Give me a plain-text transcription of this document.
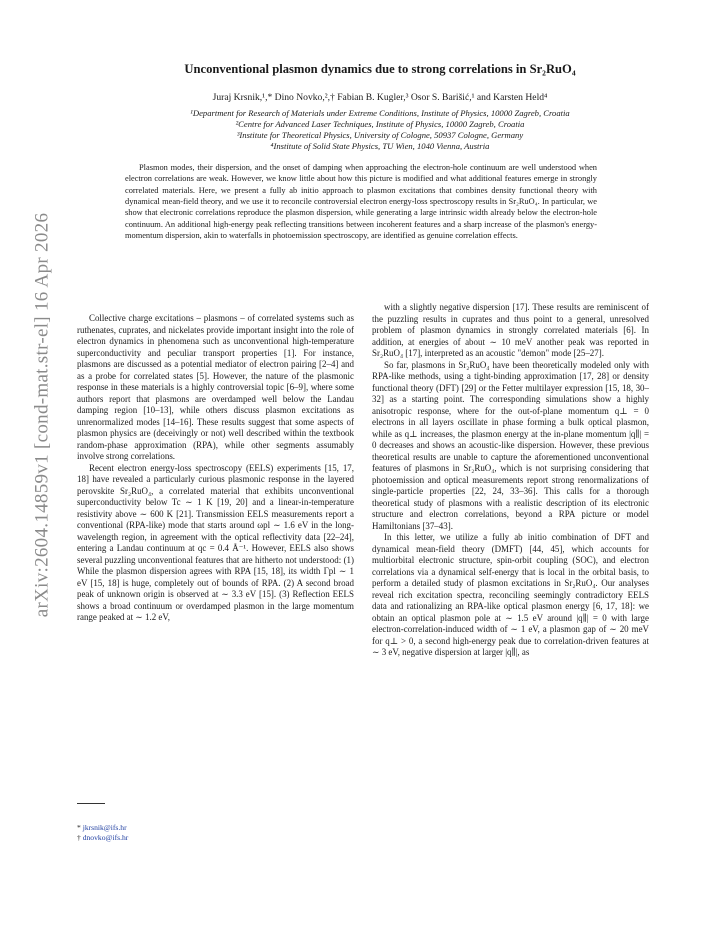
arXiv:2604.14859v1 [cond-mat.str-el] 16 Apr 2026
Unconventional plasmon dynamics due to strong correlations in Sr₂RuO₄
Juraj Krsnik,¹,* Dino Novko,²,† Fabian B. Kugler,³ Osor S. Barišić,¹ and Karsten Held⁴
¹Department for Research of Materials under Extreme Conditions, Institute of Physics, 10000 Zagreb, Croatia
²Centre for Advanced Laser Techniques, Institute of Physics, 10000 Zagreb, Croatia
³Institute for Theoretical Physics, University of Cologne, 50937 Cologne, Germany
⁴Institute of Solid State Physics, TU Wien, 1040 Vienna, Austria
Plasmon modes, their dispersion, and the onset of damping when approaching the electron-hole continuum are well understood when electron correlations are weak. However, we know little about how this picture is modified and what additional features emerge in strongly correlated materials. Here, we present a fully ab initio approach to plasmon excitations that combines density functional theory with dynamical mean-field theory, and we use it to reconcile controversial electron energy-loss spectroscopy results in Sr₂RuO₄. In particular, we show that electronic correlations reproduce the plasmon dispersion, while generating a large intrinsic width already below the electron-hole continuum. An additional high-energy peak reflecting transitions between incoherent features and a sharp increase of the plasmon's energy-momentum dispersion, akin to waterfalls in photoemission spectroscopy, are identified as genuine correlation effects.

Collective charge excitations – plasmons – of correlated systems such as ruthenates, cuprates, and nickelates provide important insight into the role of electron dynamics in phenomena such as unconventional high-temperature superconductivity and peculiar transport properties [1]. For instance, plasmons are discussed as a potential mediator of electron pairing [2–4] and as a probe for correlated states [5]. However, the nature of the plasmonic response in these materials is a highly controversial topic [6–9], where some authors report that plasmons are overdamped well below the Landau damping region [10–13], while others discuss plasmon excitations as unrenormalized modes [14–16]. These results suggest that some aspects of plasmon physics are (deceivingly or not) well described within the textbook random-phase approximation (RPA), while other segments assumably involve strong correlations.

Recent electron energy-loss spectroscopy (EELS) experiments [15, 17, 18] have revealed a particularly curious plasmonic response in the layered perovskite Sr₂RuO₄, a correlated material that exhibits unconventional superconductivity below Tc ∼ 1 K [19, 20] and a linear-in-temperature resistivity above ∼ 600 K [21]. Transmission EELS measurements report a conventional (RPA-like) mode that starts around ωpl ∼ 1.6 eV in the long-wavelength region, in agreement with the optical reflectivity data [22–24], entering a Landau continuum at qc = 0.4 Å⁻¹. However, EELS also shows several puzzling unconventional features that are hitherto not understood: (1) While the plasmon dispersion agrees with RPA [15, 18], its width Γpl ∼ 1 eV [15, 18] is huge, completely out of bounds of RPA. (2) A second broad peak of unknown origin is observed at ∼ 3.3 eV [15]. (3) Reflection EELS shows a broad continuum or overdamped plasmon in the large momentum range peaked at ∼ 1.2 eV,

with a slightly negative dispersion [17]. These results are reminiscent of the puzzling results in cuprates and thus point to a general, unresolved problem of plasmon dynamics in strongly correlated materials [6]. In addition, at energies of about ∼ 10 meV another peak was reported in Sr₂RuO₄ [17], interpreted as an acoustic "demon" mode [25–27].

So far, plasmons in Sr₂RuO₄ have been theoretically modeled only with RPA-like methods, using a tight-binding approximation [17, 28] or density functional theory (DFT) [29] or the Fetter multilayer expression [15, 18, 30–32] as a starting point. The corresponding simulations show a highly anisotropic response, where for the out-of-plane momentum q⊥ = 0 electrons in all layers oscillate in phase forming a bulk optical plasmon, while as q⊥ increases, the plasmon energy at the in-plane momentum |q∥| = 0 decreases and shows an acoustic-like dispersion. However, these previous theoretical results are unable to capture the aforementioned unconventional features of plasmons in Sr₂RuO₄, which is not surprising considering that photoemission and optical measurements report strong renormalizations of single-particle properties [22, 24, 33–36]. This calls for a thorough theoretical study of plasmons with a realistic description of its electronic structure and electron correlations, beyond a RPA picture or model Hamiltonians [37–43].

In this letter, we utilize a fully ab initio combination of DFT and dynamical mean-field theory (DMFT) [44, 45], which accounts for multiorbital electronic structure, spin-orbit coupling (SOC), and electron correlations via a dynamical self-energy that is local in the orbital basis, to perform a detailed study of plasmon excitations in Sr₂RuO₄. Our analyses reveal rich excitation spectra, reconciling seemingly contradictory EELS data and rationalizing an RPA-like optical plasmon energy [6, 17, 18]: we obtain an optical plasmon pole at ∼ 1.5 eV around |q∥| = 0 with large electron-correlation-induced width of ∼ 1 eV, a plasmon gap of ∼ 20 meV for q⊥ > 0, a second high-energy peak due to correlation-driven features at ∼ 3 eV, negative dispersion at larger |q∥|, as

* jkrsnik@ifs.hr
† dnovko@ifs.hr
